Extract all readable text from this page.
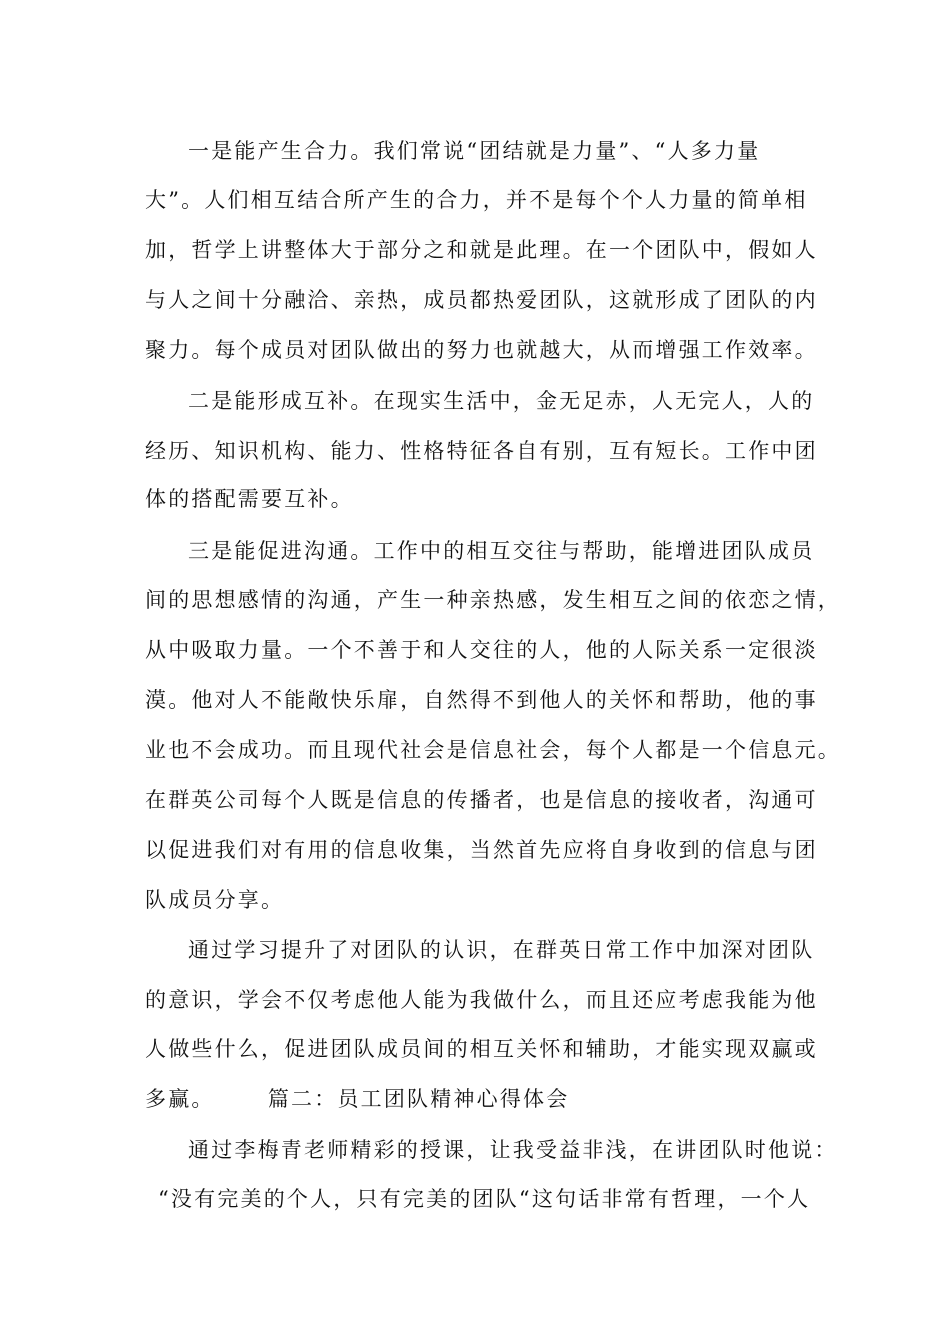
一是能产生合力。我们常说“团结就是力量”、“人多力量
大”。人们相互结合所产生的合力，并不是每个个人力量的简单相
加，哲学上讲整体大于部分之和就是此理。在一个团队中，假如人
与人之间十分融洽、亲热，成员都热爱团队，这就形成了团队的内
聚力。每个成员对团队做出的努力也就越大，从而增强工作效率。
二是能形成互补。在现实生活中，金无足赤，人无完人，人的
经历、知识机构、能力、性格特征各自有别，互有短长。工作中团
体的搭配需要互补。
三是能促进沟通。工作中的相互交往与帮助，能增进团队成员
间的思想感情的沟通，产生一种亲热感，发生相互之间的依恋之情，
从中吸取力量。一个不善于和人交往的人，他的人际关系一定很淡
漠。他对人不能敞快乐扉，自然得不到他人的关怀和帮助，他的事
业也不会成功。而且现代社会是信息社会，每个人都是一个信息元。
在群英公司每个人既是信息的传播者，也是信息的接收者，沟通可
以促进我们对有用的信息收集，当然首先应将自身收到的信息与团
队成员分享。
通过学习提升了对团队的认识，在群英日常工作中加深对团队
的意识，学会不仅考虑他人能为我做什么，而且还应考虑我能为他
人做些什么，促进团队成员间的相互关怀和辅助，才能实现双赢或
多赢。      篇二：员工团队精神心得体会
通过李梅青老师精彩的授课，让我受益非浅，在讲团队时他说：
“没有完美的个人，只有完美的团队“这句话非常有哲理，一个人
